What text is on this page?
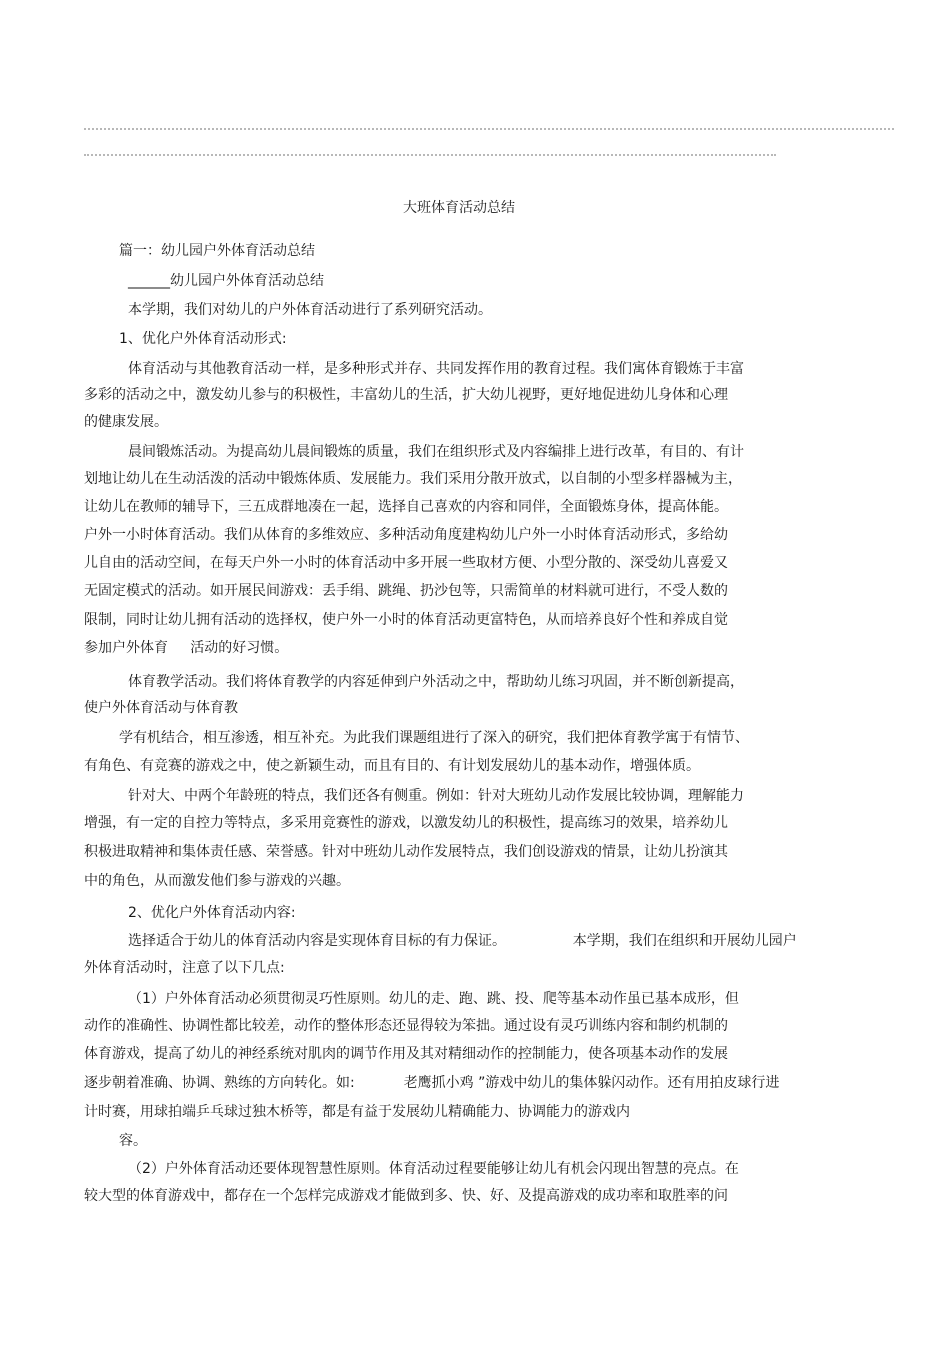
大班体育活动总结
篇一：幼儿园户外体育活动总结
______幼儿园户外体育活动总结
本学期，我们对幼儿的户外体育活动进行了系列研究活动。
1、优化户外体育活动形式:
体育活动与其他教育活动一样，是多种形式并存、共同发挥作用的教育过程。我们寓体育锻炼于丰富
多彩的活动之中，激发幼儿参与的积极性，丰富幼儿的生活，扩大幼儿视野，更好地促进幼儿身体和心理
的健康发展。
晨间锻炼活动。为提高幼儿晨间锻炼的质量，我们在组织形式及内容编排上进行改革，有目的、有计
划地让幼儿在生动活泼的活动中锻炼体质、发展能力。我们采用分散开放式，以自制的小型多样器械为主，
让幼儿在教师的辅导下，三五成群地凑在一起，选择自己喜欢的内容和同伴，全面锻炼身体，提高体能。
户外一小时体育活动。我们从体育的多维效应、多种活动角度建构幼儿户外一小时体育活动形式，多给幼
儿自由的活动空间，在每天户外一小时的体育活动中多开展一些取材方便、小型分散的、深受幼儿喜爱又
无固定模式的活动。如开展民间游戏：丢手绢、跳绳、扔沙包等，只需简单的材料就可进行，不受人数的
限制，同时让幼儿拥有活动的选择权，使户外一小时的体育活动更富特色，从而培养良好个性和养成自觉
参加户外体育     活动的好习惯。
体育教学活动。我们将体育教学的内容延伸到户外活动之中，帮助幼儿练习巩固，并不断创新提高，
使户外体育活动与体育教
学有机结合，相互渗透，相互补充。为此我们课题组进行了深入的研究，我们把体育教学寓于有情节、
有角色、有竞赛的游戏之中，使之新颖生动，而且有目的、有计划发展幼儿的基本动作，增强体质。
针对大、中两个年龄班的特点，我们还各有侧重。例如：针对大班幼儿动作发展比较协调，理解能力
增强，有一定的自控力等特点，多采用竞赛性的游戏，以激发幼儿的积极性，提高练习的效果，培养幼儿
积极进取精神和集体责任感、荣誉感。针对中班幼儿动作发展特点，我们创设游戏的情景，让幼儿扮演其
中的角色，从而激发他们参与游戏的兴趣。
2、优化户外体育活动内容:
选择适合于幼儿的体育活动内容是实现体育目标的有力保证。               本学期，我们在组织和开展幼儿园户
外体育活动时，注意了以下几点:
（1）户外体育活动必须贯彻灵巧性原则。幼儿的走、跑、跳、投、爬等基本动作虽已基本成形，但
动作的准确性、协调性都比较差，动作的整体形态还显得较为笨拙。通过设有灵巧训练内容和制约机制的
体育游戏，提高了幼儿的神经系统对肌肉的调节作用及其对精细动作的控制能力，使各项基本动作的发展
逐步朝着准确、协调、熟练的方向转化。如:           老鹰抓小鸡 ”游戏中幼儿的集体躲闪动作。还有用拍皮球行进
计时赛，用球拍端乒乓球过独木桥等，都是有益于发展幼儿精确能力、协调能力的游戏内
容。
（2）户外体育活动还要体现智慧性原则。体育活动过程要能够让幼儿有机会闪现出智慧的亮点。在
较大型的体育游戏中，都存在一个怎样完成游戏才能做到多、快、好、及提高游戏的成功率和取胜率的问
